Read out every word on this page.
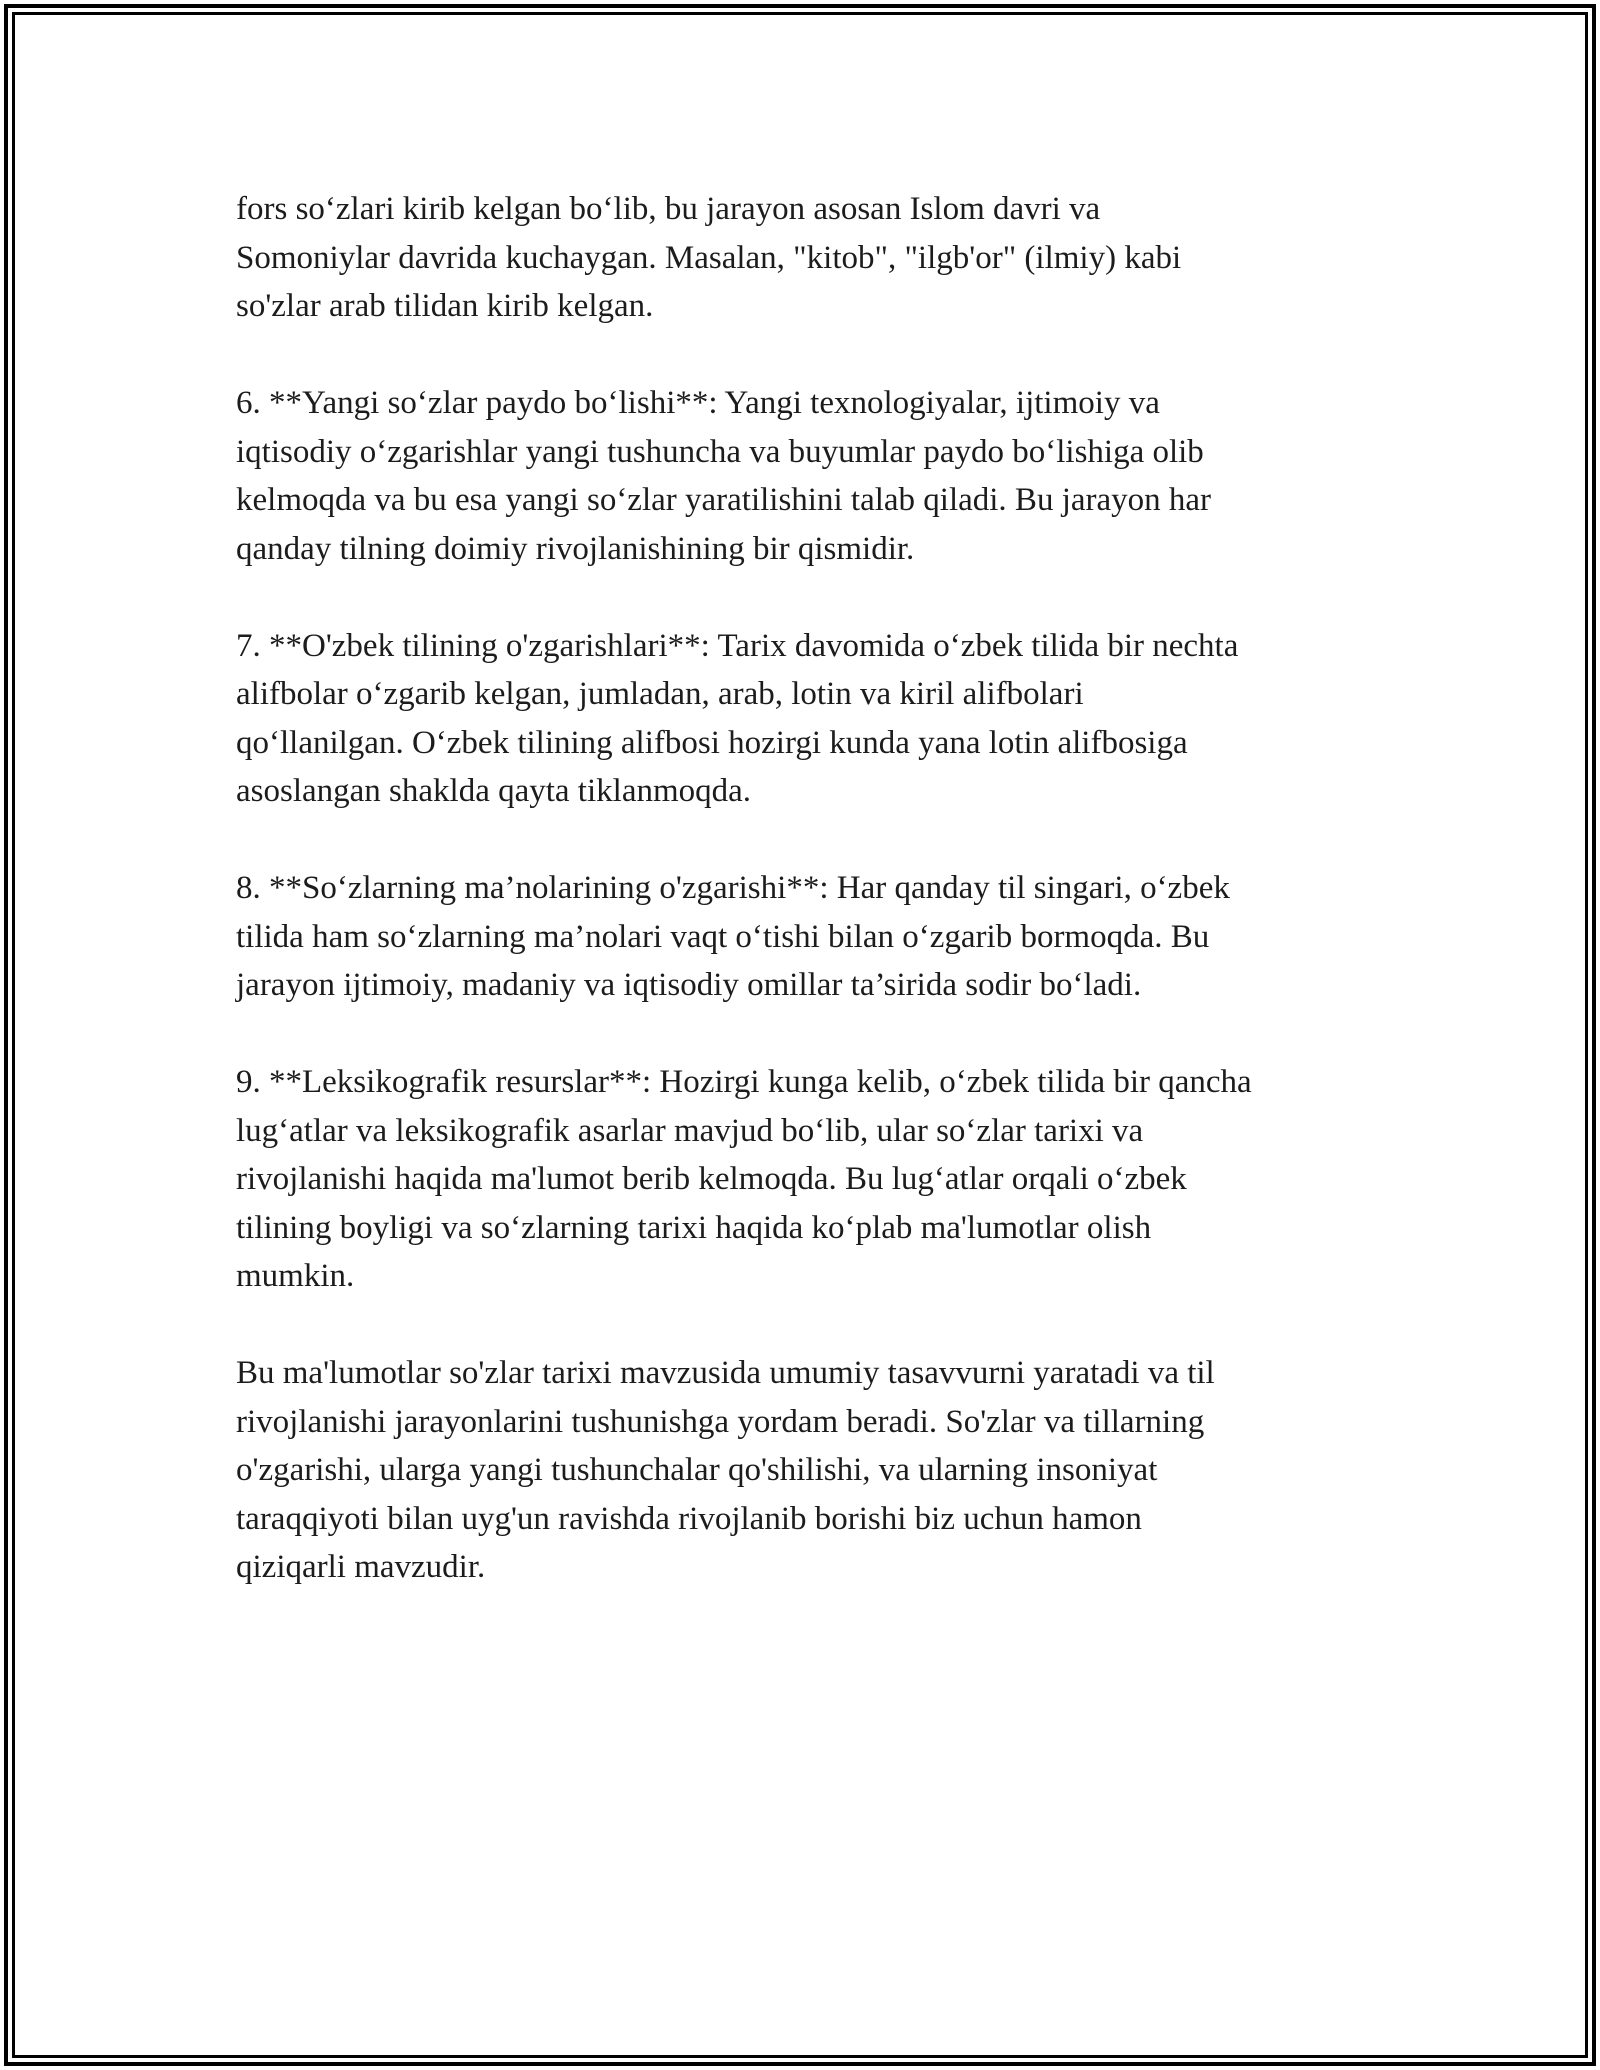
fors so‘zlari kirib kelgan bo‘lib, bu jarayon asosan Islom davri va
Somoniylar davrida kuchaygan. Masalan, "kitob", "ilgb'or" (ilmiy) kabi
so'zlar arab tilidan kirib kelgan.

6. **Yangi so‘zlar paydo bo‘lishi**: Yangi texnologiyalar, ijtimoiy va
iqtisodiy o‘zgarishlar yangi tushuncha va buyumlar paydo bo‘lishiga olib
kelmoqda va bu esa yangi so‘zlar yaratilishini talab qiladi. Bu jarayon har
qanday tilning doimiy rivojlanishining bir qismidir.

7. **O'zbek tilining o'zgarishlari**: Tarix davomida o‘zbek tilida bir nechta
alifbolar o‘zgarib kelgan, jumladan, arab, lotin va kiril alifbolari
qo‘llanilgan. O‘zbek tilining alifbosi hozirgi kunda yana lotin alifbosiga
asoslangan shaklda qayta tiklanmoqda.

8. **So‘zlarning ma’nolarining o'zgarishi**: Har qanday til singari, o‘zbek
tilida ham so‘zlarning ma’nolari vaqt o‘tishi bilan o‘zgarib bormoqda. Bu
jarayon ijtimoiy, madaniy va iqtisodiy omillar ta’sirida sodir bo‘ladi.

9. **Leksikografik resurslar**: Hozirgi kunga kelib, o‘zbek tilida bir qancha
lug‘atlar va leksikografik asarlar mavjud bo‘lib, ular so‘zlar tarixi va
rivojlanishi haqida ma'lumot berib kelmoqda. Bu lug‘atlar orqali o‘zbek
tilining boyligi va so‘zlarning tarixi haqida ko‘plab ma'lumotlar olish
mumkin.

Bu ma'lumotlar so'zlar tarixi mavzusida umumiy tasavvurni yaratadi va til
rivojlanishi jarayonlarini tushunishga yordam beradi. So'zlar va tillarning
o'zgarishi, ularga yangi tushunchalar qo'shilishi, va ularning insoniyat
taraqqiyoti bilan uyg'un ravishda rivojlanib borishi biz uchun hamon
qiziqarli mavzudir.
